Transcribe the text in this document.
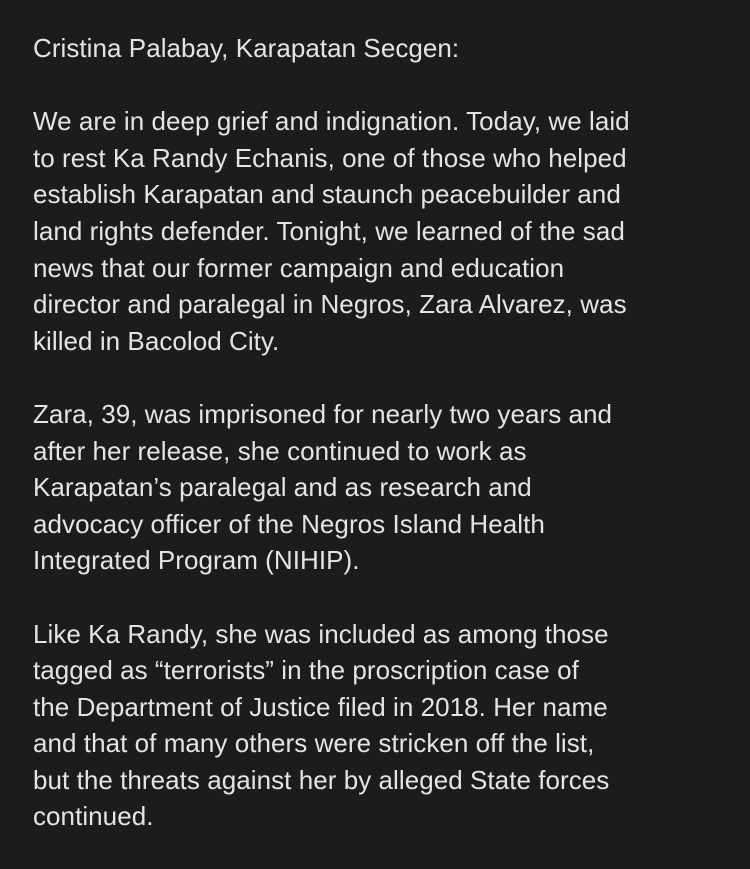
Cristina Palabay, Karapatan Secgen:
We are in deep grief and indignation. Today, we laid
to rest Ka Randy Echanis, one of those who helped
establish Karapatan and staunch peacebuilder and
land rights defender. Tonight, we learned of the sad
news that our former campaign and education
director and paralegal in Negros, Zara Alvarez, was
killed in Bacolod City.
Zara, 39, was imprisoned for nearly two years and
after her release, she continued to work as
Karapatan’s paralegal and as research and
advocacy officer of the Negros Island Health
Integrated Program (NIHIP).
Like Ka Randy, she was included as among those
tagged as “terrorists” in the proscription case of
the Department of Justice filed in 2018. Her name
and that of many others were stricken off the list,
but the threats against her by alleged State forces
continued.
